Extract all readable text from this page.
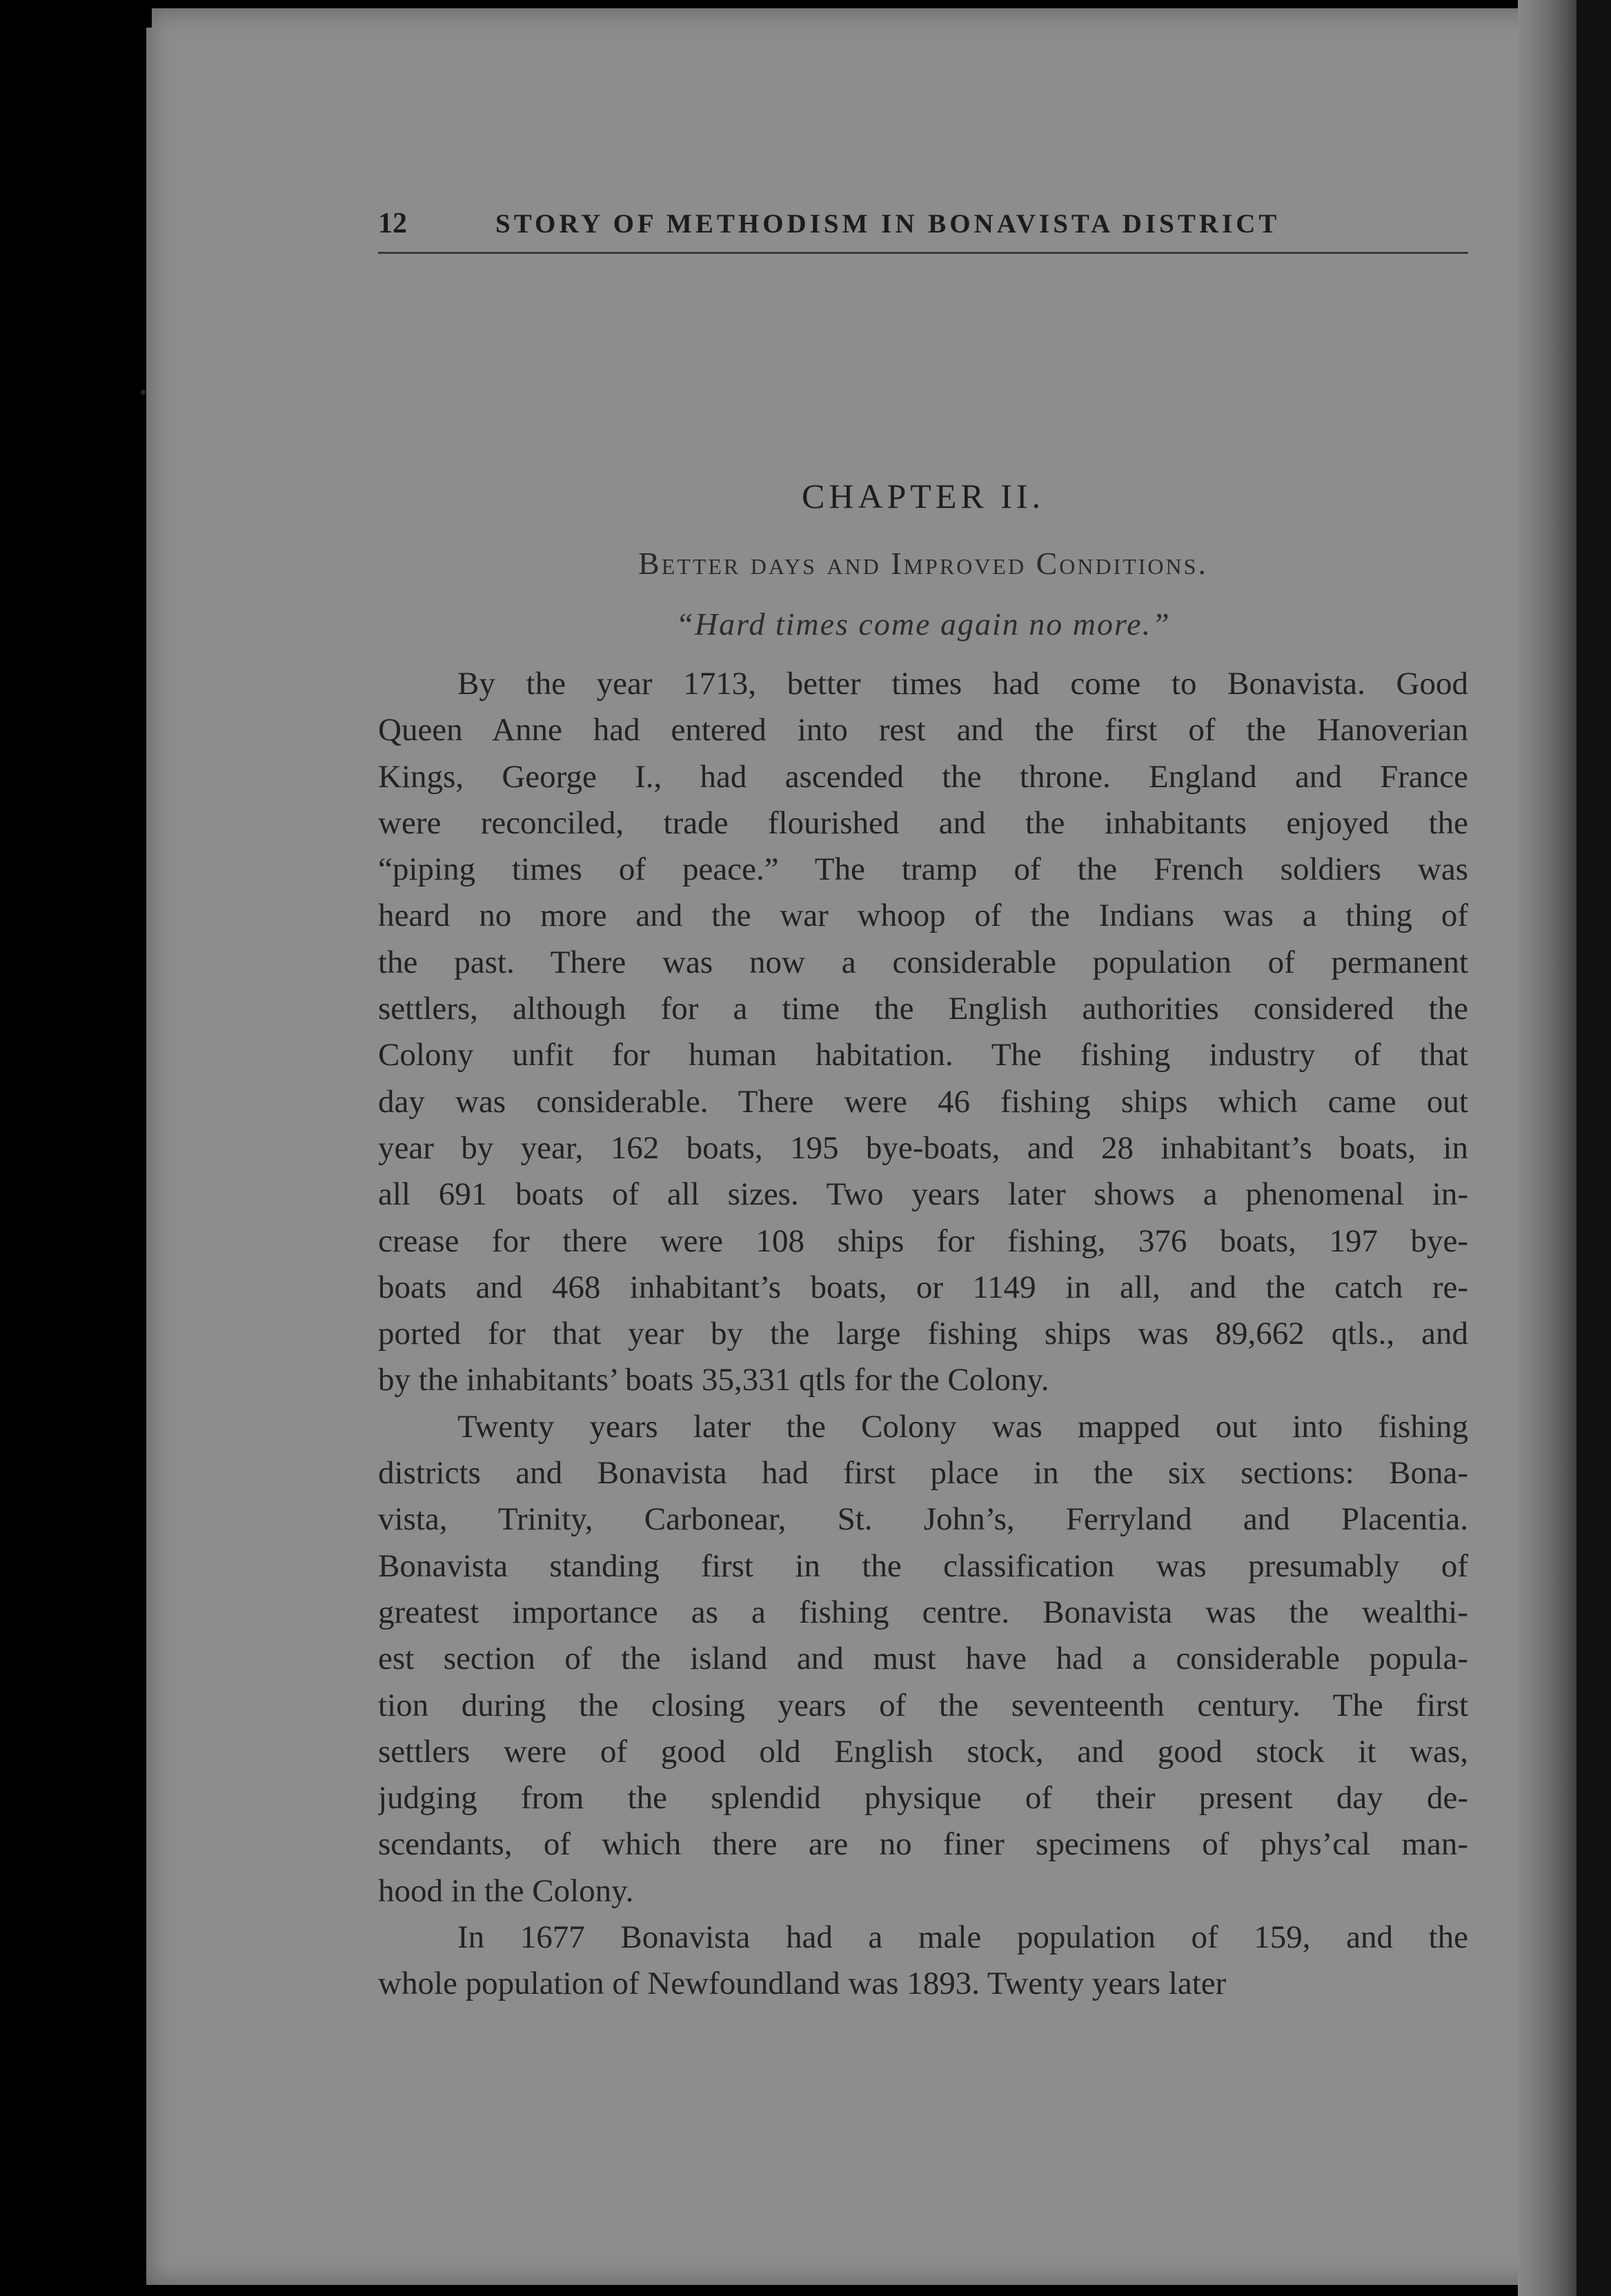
12	STORY OF METHODISM IN BONAVISTA DISTRICT
CHAPTER II.
Better days and Improved Conditions.
“Hard times come again no more.”
By the year 1713, better times had come to Bonavista. Good
Queen Anne had entered into rest and the first of the Hanoverian
Kings, George I., had ascended the throne. England and France
were reconciled, trade flourished and the inhabitants enjoyed the
“piping times of peace.” The tramp of the French soldiers was
heard no more and the war whoop of the Indians was a thing of
the past. There was now a considerable population of permanent
settlers, although for a time the English authorities considered the
Colony unfit for human habitation. The fishing industry of that
day was considerable. There were 46 fishing ships which came out
year by year, 162 boats, 195 bye-boats, and 28 inhabitant’s boats, in
all 691 boats of all sizes. Two years later shows a phenomenal in-
crease for there were 108 ships for fishing, 376 boats, 197 bye-
boats and 468 inhabitant’s boats, or 1149 in all, and the catch re-
ported for that year by the large fishing ships was 89,662 qtls., and
by the inhabitants’ boats 35,331 qtls for the Colony.
Twenty years later the Colony was mapped out into fishing
districts and Bonavista had first place in the six sections: Bona-
vista, Trinity, Carbonear, St. John’s, Ferryland and Placentia.
Bonavista standing first in the classification was presumably of
greatest importance as a fishing centre. Bonavista was the wealthi-
est section of the island and must have had a considerable popula-
tion during the closing years of the seventeenth century. The first
settlers were of good old English stock, and good stock it was,
judging from the splendid physique of their present day de-
scendants, of which there are no finer specimens of phys’cal man-
hood in the Colony.
In 1677 Bonavista had a male population of 159, and the
whole population of Newfoundland was 1893. Twenty years later
